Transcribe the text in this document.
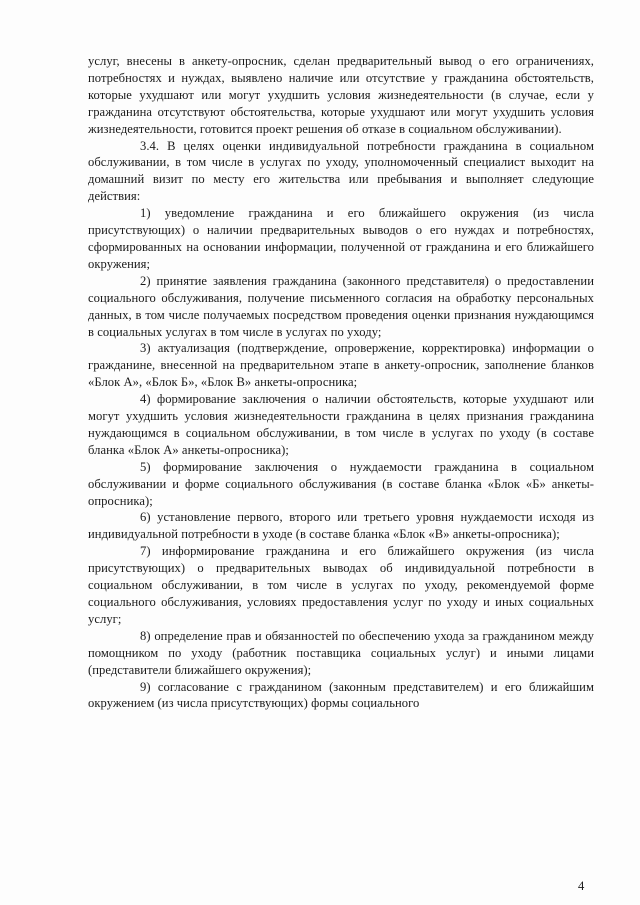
услуг, внесены в анкету-опросник, сделан предварительный вывод о его ограничениях, потребностях и нуждах, выявлено наличие или отсутствие у гражданина обстоятельств, которые ухудшают или могут ухудшить условия жизнедеятельности (в случае, если у гражданина отсутствуют обстоятельства, которые ухудшают или могут ухудшить условия жизнедеятельности, готовится проект решения об отказе в социальном обслуживании).

3.4. В целях оценки индивидуальной потребности гражданина в социальном обслуживании, в том числе в услугах по уходу, уполномоченный специалист выходит на домашний визит по месту его жительства или пребывания и выполняет следующие действия:

1) уведомление гражданина и его ближайшего окружения (из числа присутствующих) о наличии предварительных выводов о его нуждах и потребностях, сформированных на основании информации, полученной от гражданина и его ближайшего окружения;

2) принятие заявления гражданина (законного представителя) о предоставлении социального обслуживания, получение письменного согласия на обработку персональных данных, в том числе получаемых посредством проведения оценки признания нуждающимся в социальных услугах в том числе в услугах по уходу;

3) актуализация (подтверждение, опровержение, корректировка) информации о гражданине, внесенной на предварительном этапе в анкету-опросник, заполнение бланков «Блок А», «Блок Б», «Блок В» анкеты-опросника;

4) формирование заключения о наличии обстоятельств, которые ухудшают или могут ухудшить условия жизнедеятельности гражданина в целях признания гражданина нуждающимся в социальном обслуживании, в том числе в услугах по уходу (в составе бланка «Блок А» анкеты-опросника);

5) формирование заключения о нуждаемости гражданина в социальном обслуживании и форме социального обслуживания (в составе бланка «Блок «Б» анкеты-опросника);

6) установление первого, второго или третьего уровня нуждаемости исходя из индивидуальной потребности в уходе (в составе бланка «Блок «В» анкеты-опросника);

7) информирование гражданина и его ближайшего окружения (из числа присутствующих) о предварительных выводах об индивидуальной потребности в социальном обслуживании, в том числе в услугах по уходу, рекомендуемой форме социального обслуживания, условиях предоставления услуг по уходу и иных социальных услуг;

8) определение прав и обязанностей по обеспечению ухода за гражданином между помощником по уходу (работник поставщика социальных услуг) и иными лицами (представители ближайшего окружения);

9) согласование с гражданином (законным представителем) и его ближайшим окружением (из числа присутствующих) формы социального

4
